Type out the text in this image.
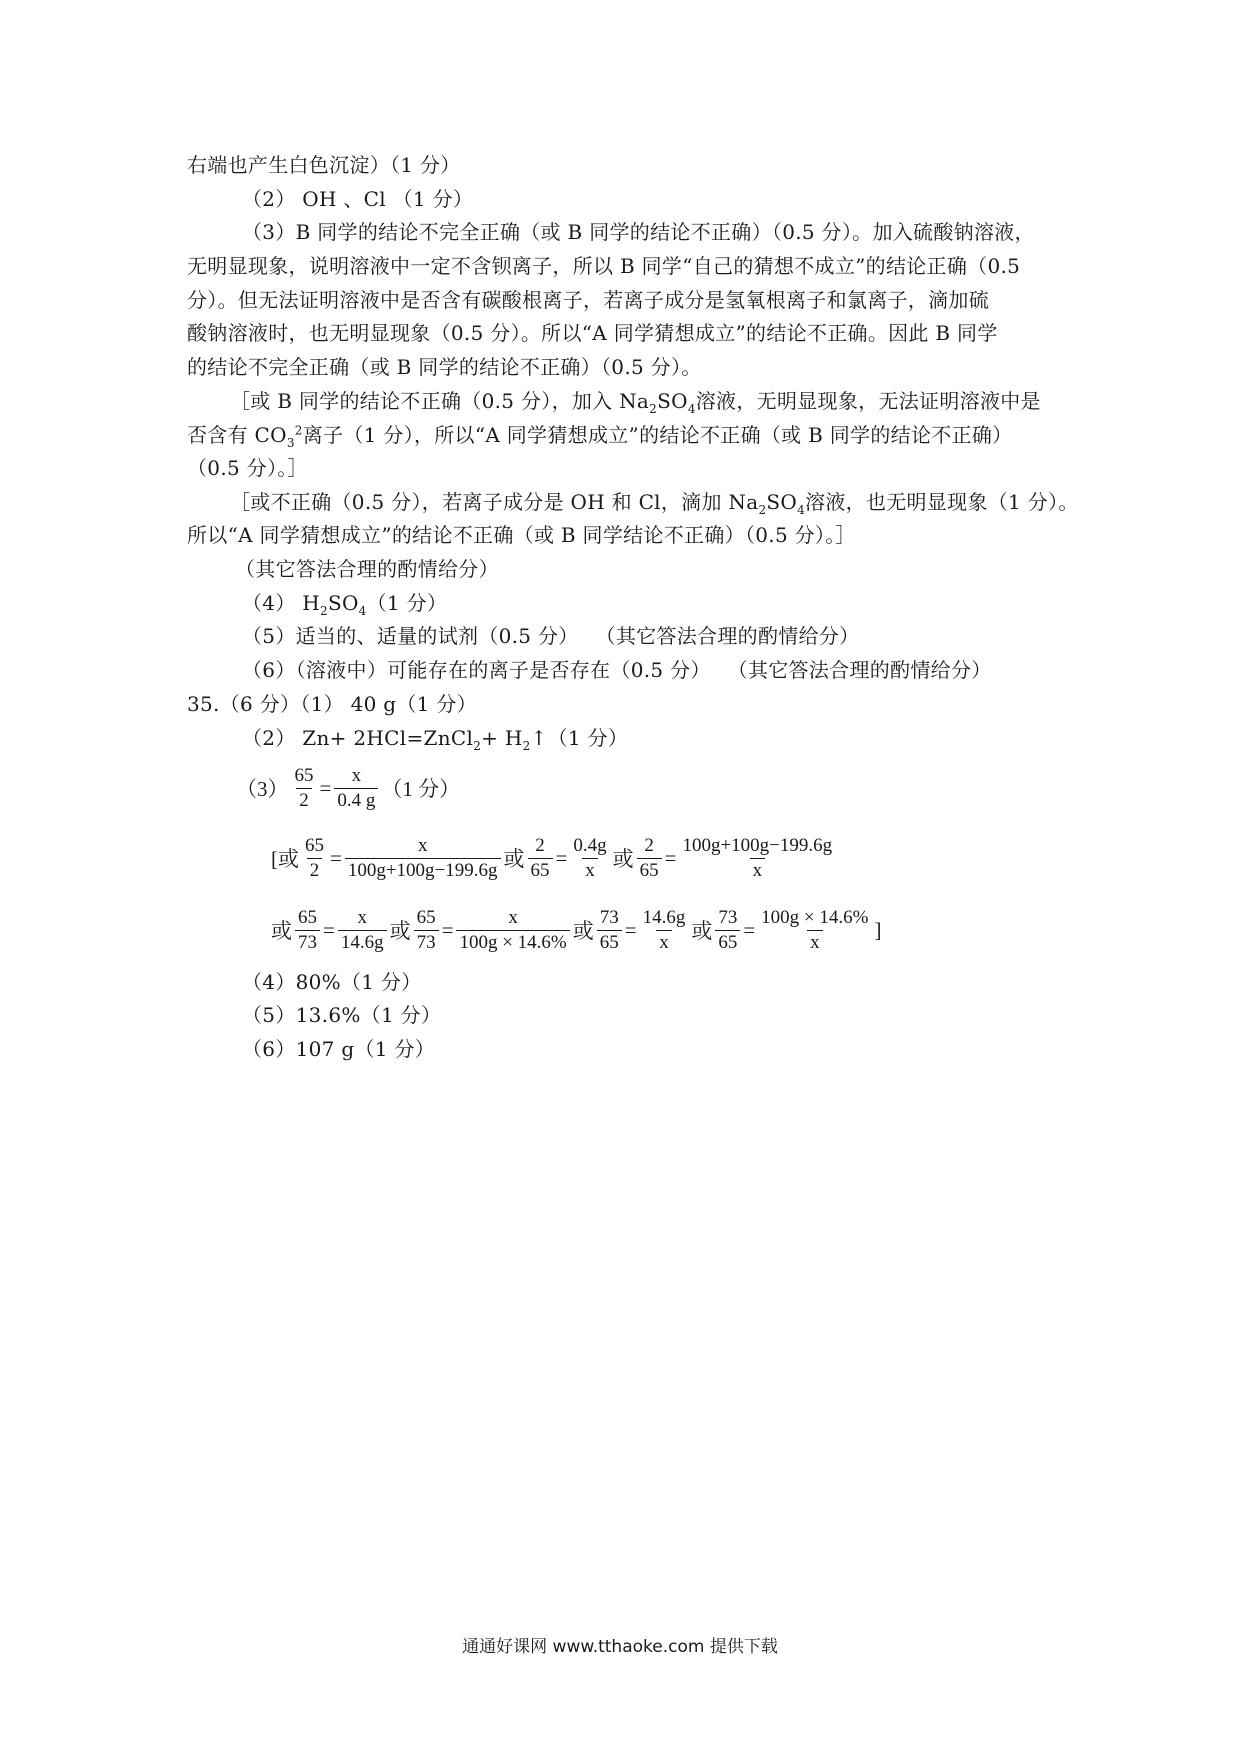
右端也产生白色沉淀）（1 分）
（2） OH 、Cl （1 分）
（3）B 同学的结论不完全正确（或 B 同学的结论不正确）（0.5 分）。加入硫酸钠溶液，
无明显现象，说明溶液中一定不含钡离子，所以 B 同学“自己的猜想不成立”的结论正确（0.5
分）。但无法证明溶液中是否含有碳酸根离子，若离子成分是氢氧根离子和氯离子，滴加硫
酸钠溶液时，也无明显现象（0.5 分）。所以“A 同学猜想成立”的结论不正确。因此 B 同学
的结论不完全正确（或 B 同学的结论不正确）（0.5 分）。
［或 B 同学的结论不正确（0.5 分），加入 $Na_2SO_4$溶液，无明显现象，无法证明溶液中是
否含有 $CO_3^2$离子（1 分），所以“A 同学猜想成立”的结论不正确（或 B 同学的结论不正确）
（0.5 分）。］
［或不正确（0.5 分），若离子成分是 OH 和 Cl，滴加 $Na_2SO_4$溶液，也无明显现象（1 分）。
所以“A 同学猜想成立”的结论不正确（或 B 同学结论不正确）（0.5 分）。］
（其它答法合理的酌情给分）
（4） $H_2SO_4(1$ 分）
（5）适当的、适量的试剂（0.5 分）　 （其它答法合理的酌情给分）
（6）（溶液中）可能存在的离子是否存在（0.5 分）　 （其它答法合理的酌情给分）
35.（6 分）（1） 40 g（1 分）
（2） Zn+ 2HCl=ZnCl$_2$+ $H_2↑(1$ 分）
$(3) \frac{65}{2} = \frac{x}{0.4 g} (1$ 分）
[或 $\frac{65}{2} = \frac{x}{100g+100g-199.6g}$ 或 $\frac{2}{65} = \frac{0.4g}{x}$ 或 $\frac{2}{65} = \frac{100g+100g-199.6g}{x}$
或 $\frac{65}{73} = \frac{x}{14.6g}$ 或 $\frac{65}{73} = \frac{x}{100g \times 14.6\%}$ 或 $\frac{73}{65} = \frac{14.6g}{x}$ 或 $\frac{73}{65} = \frac{100g \times 14.6\%}{x}$ ]
（4）80%（1 分）
（5）13.6%（1 分）
（6）107 g（1 分）
通通好课网 www.tthaoke.com 提供下载
